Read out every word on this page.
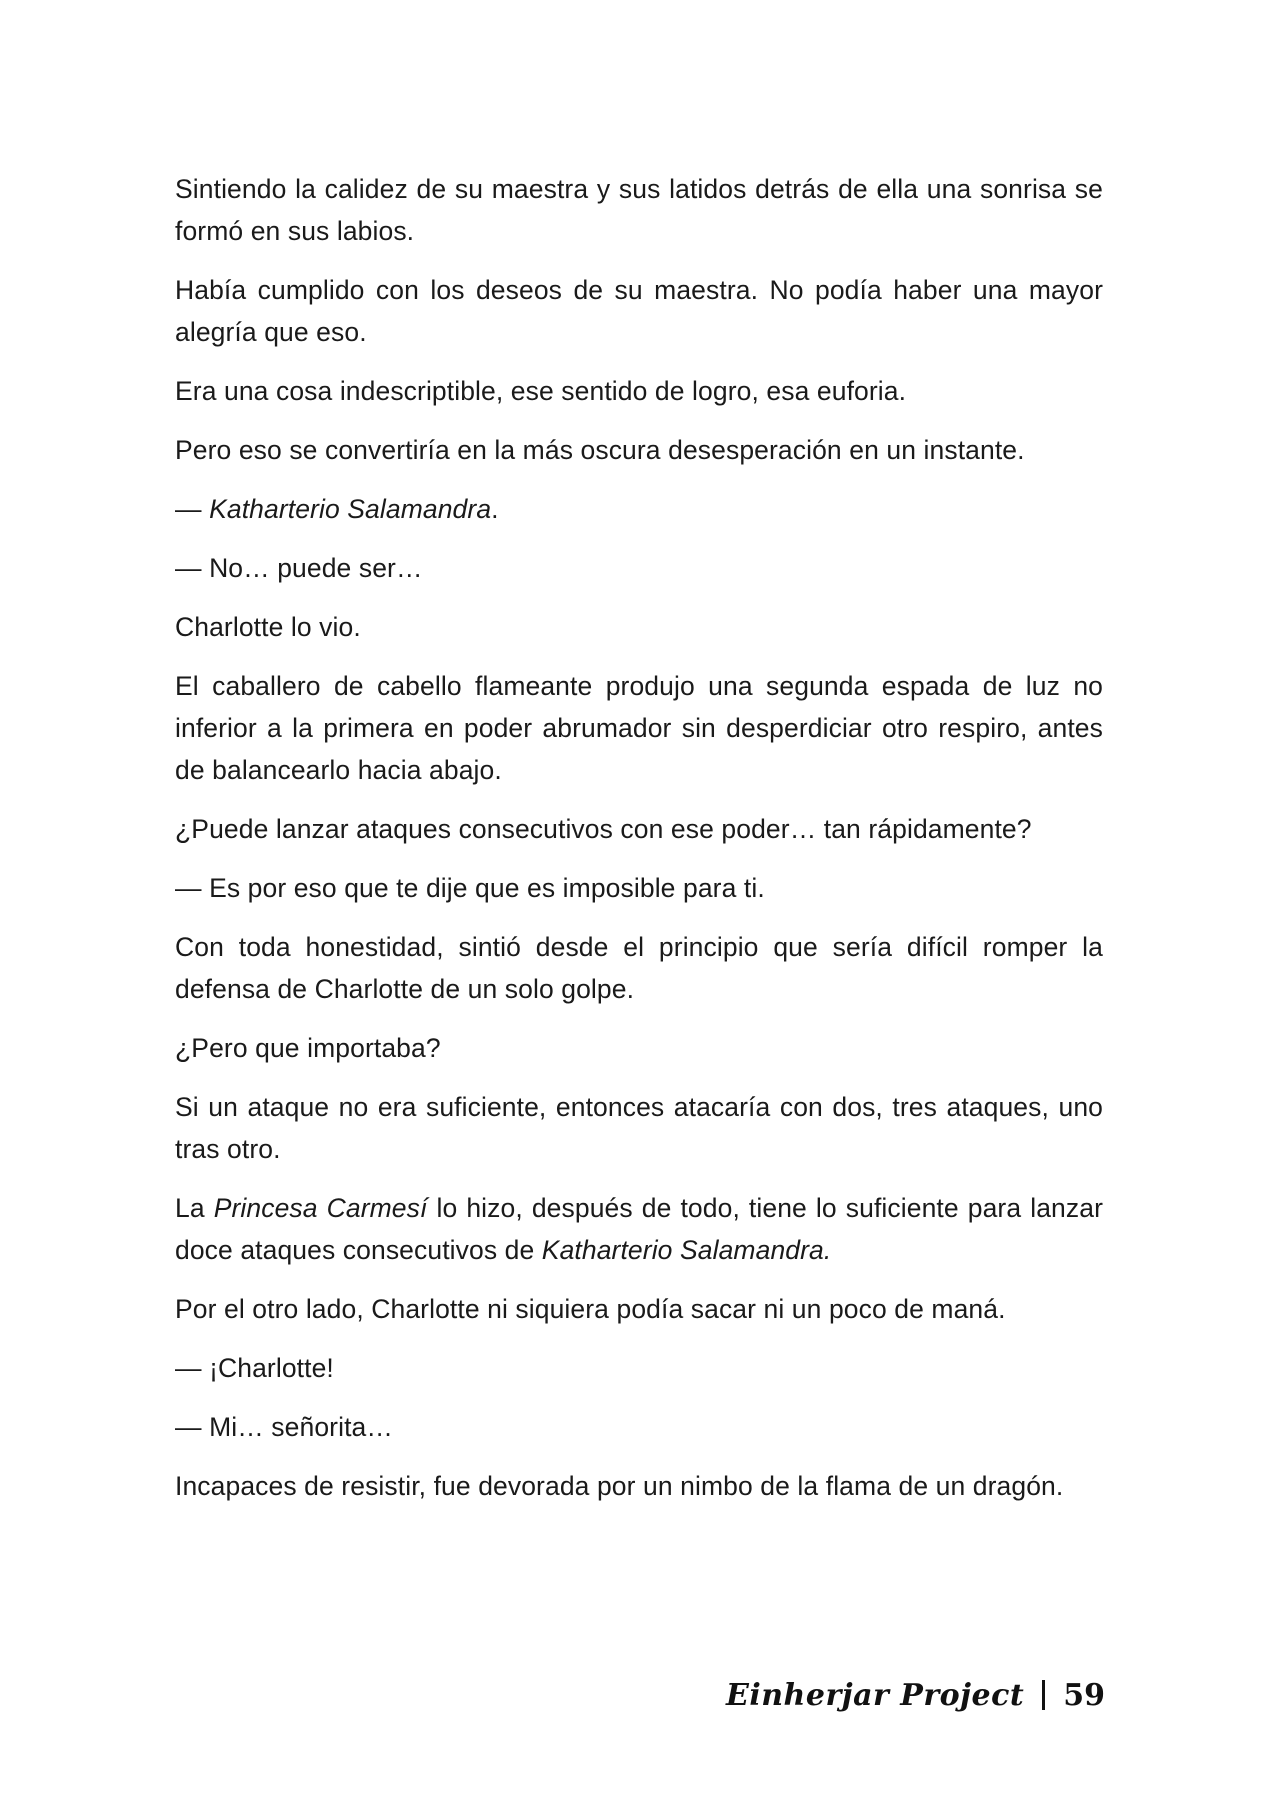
Sintiendo la calidez de su maestra y sus latidos detrás de ella una sonrisa se formó en sus labios.

Había cumplido con los deseos de su maestra. No podía haber una mayor alegría que eso.

Era una cosa indescriptible, ese sentido de logro, esa euforia.

Pero eso se convertiría en la más oscura desesperación en un instante.

— Katharterio Salamandra.

— No… puede ser…

Charlotte lo vio.

El caballero de cabello flameante produjo una segunda espada de luz no inferior a la primera en poder abrumador sin desperdiciar otro respiro, antes de balancearlo hacia abajo.

¿Puede lanzar ataques consecutivos con ese poder… tan rápidamente?

— Es por eso que te dije que es imposible para ti.

Con toda honestidad, sintió desde el principio que sería difícil romper la defensa de Charlotte de un solo golpe.

¿Pero que importaba?

Si un ataque no era suficiente, entonces atacaría con dos, tres ataques, uno tras otro.

La Princesa Carmesí lo hizo, después de todo, tiene lo suficiente para lanzar doce ataques consecutivos de Katharterio Salamandra.

Por el otro lado, Charlotte ni siquiera podía sacar ni un poco de maná.

— ¡Charlotte!

— Mi… señorita…

Incapaces de resistir, fue devorada por un nimbo de la flama de un dragón.

Einherjar Project 59
